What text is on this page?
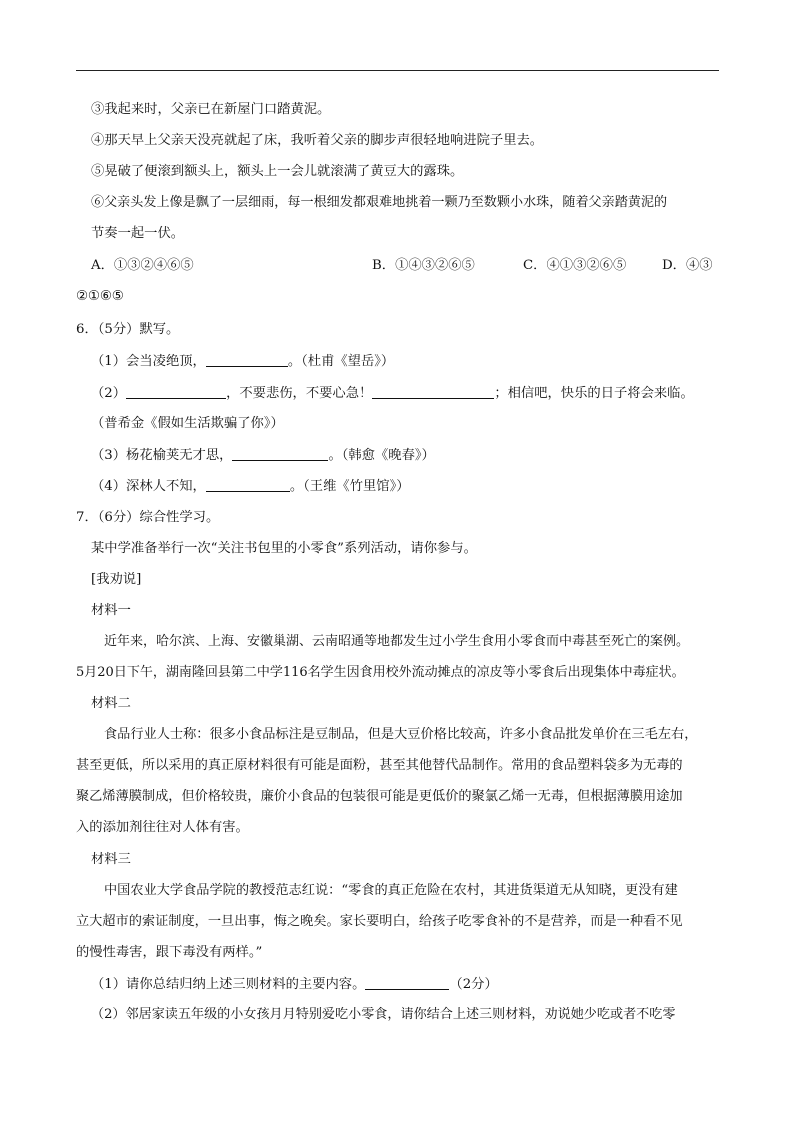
③我起来时，父亲已在新屋门口踏黄泥。
④那天早上父亲天没亮就起了床，我听着父亲的脚步声很轻地响进院子里去。
⑤晃破了便滚到额头上，额头上一会儿就滚满了黄豆大的露珠。
⑥父亲头发上像是飘了一层细雨，每一根细发都艰难地挑着一颗乃至数颗小水珠，随着父亲踏黄泥的
节奏一起一伏。
A．①③②④⑥⑤	B．①④③②⑥⑤	C．④①③②⑥⑤	D．④③
②①⑥⑤
6．（5分）默写。
（1）会当凌绝顶，	。（杜甫《望岳》）
（2）	，不要悲伤，不要心急！	；相信吧，快乐的日子将会来临。
（普希金《假如生活欺骗了你》）
（3）杨花榆荚无才思，	。（韩愈《晚春》）
（4）深林人不知，	。（王维《竹里馆》）
7．（6分）综合性学习。
某中学准备举行一次“关注书包里的小零食”系列活动，请你参与。
[我劝说]
材料一
近年来，哈尔滨、上海、安徽巢湖、云南昭通等地都发生过小学生食用小零食而中毒甚至死亡的案例。
5月20日下午，湖南隆回县第二中学116名学生因食用校外流动摊点的凉皮等小零食后出现集体中毒症状。
材料二
食品行业人士称：很多小食品标注是豆制品，但是大豆价格比较高，许多小食品批发单价在三毛左右，
甚至更低，所以采用的真正原材料很有可能是面粉，甚至其他替代品制作。常用的食品塑料袋多为无毒的
聚乙烯薄膜制成，但价格较贵，廉价小食品的包装很可能是更低价的聚氯乙烯一无毒，但根据薄膜用途加
入的添加剂往往对人体有害。
材料三
中国农业大学食品学院的教授范志红说：“零食的真正危险在农村，其进货渠道无从知晓，更没有建
立大超市的索证制度，一旦出事，悔之晚矣。家长要明白，给孩子吃零食补的不是营养，而是一种看不见
的慢性毒害，跟下毒没有两样。”
（1）请你总结归纳上述三则材料的主要内容。	（2分）
（2）邻居家读五年级的小女孩月月特别爱吃小零食，请你结合上述三则材料，劝说她少吃或者不吃零
